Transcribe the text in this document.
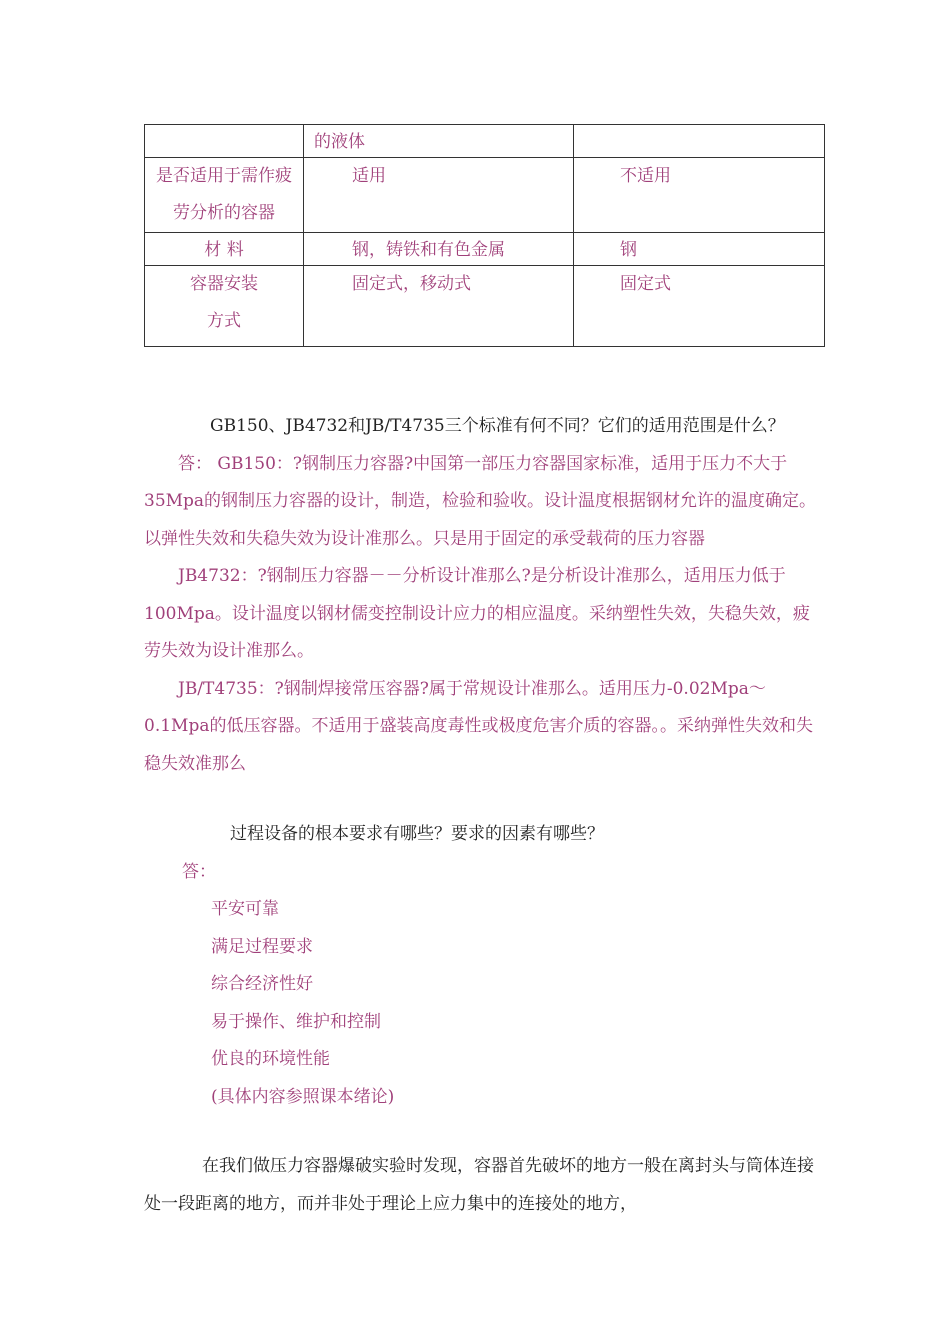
	的液体	
是否适用于需作疲劳分析的容器	适用	不适用
材 料	钢，铸铁和有色金属	钢
容器安装方式	固定式，移动式	固定式

GB150、JB4732和JB/T4735三个标准有何不同？它们的适用范围是什么？

答： GB150：?钢制压力容器?中国第一部压力容器国家标准，适用于压力不大于35Mpa的钢制压力容器的设计，制造，检验和验收。设计温度根据钢材允许的温度确定。以弹性失效和失稳失效为设计准那么。只是用于固定的承受载荷的压力容器

JB4732：?钢制压力容器－－分析设计准那么?是分析设计准那么，适用压力低于100Mpa。设计温度以钢材儒变控制设计应力的相应温度。采纳塑性失效，失稳失效，疲劳失效为设计准那么。

JB/T4735：?钢制焊接常压容器?属于常规设计准那么。适用压力-0.02Mpa～0.1Mpa的低压容器。不适用于盛装高度毒性或极度危害介质的容器。。采纳弹性失效和失稳失效准那么

过程设备的根本要求有哪些？要求的因素有哪些？

答：

平安可靠

满足过程要求

综合经济性好

易于操作、维护和控制

优良的环境性能

(具体内容参照课本绪论)

在我们做压力容器爆破实验时发现，容器首先破坏的地方一般在离封头与筒体连接处一段距离的地方，而并非处于理论上应力集中的连接处的地方，
